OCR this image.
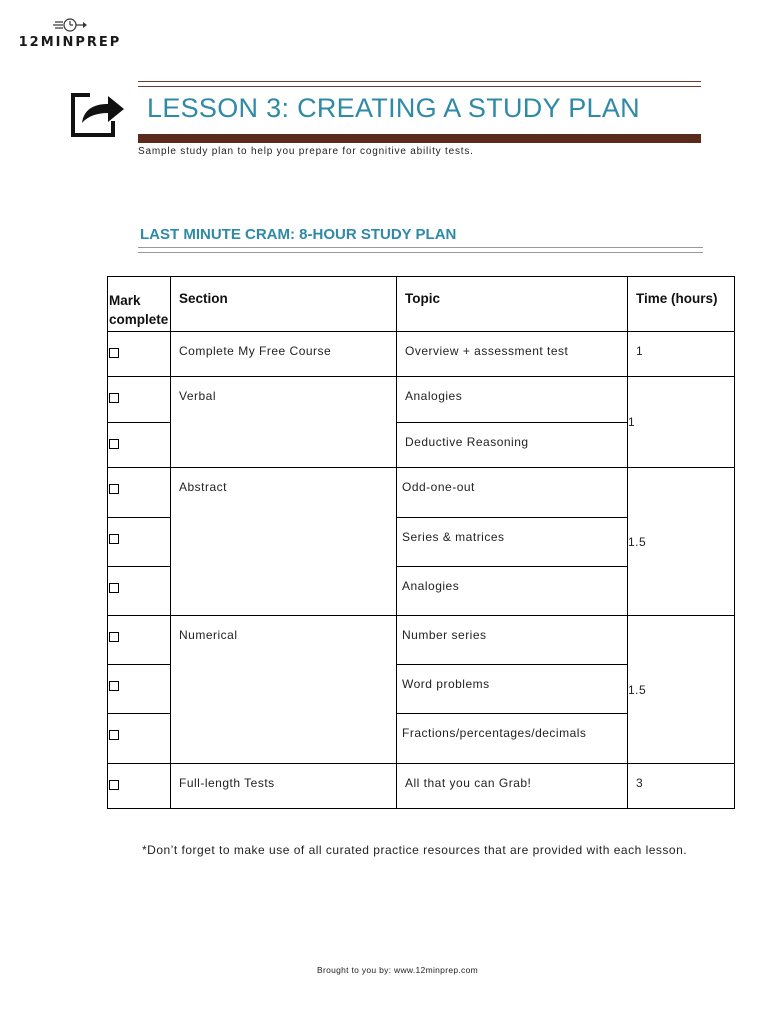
12MINPREP
LESSON 3: CREATING A STUDY PLAN
Sample study plan to help you prepare for cognitive ability tests.
LAST MINUTE CRAM: 8-HOUR STUDY PLAN
Mark complete	Section	Topic	Time (hours)

	Complete My Free Course	Overview + assessment test	1

	Verbal	Analogies	1

		Deductive Reasoning	

	Abstract	Odd-one-out	1.5

		Series & matrices	

		Analogies	

	Numerical	Number series	1.5

		Word problems	

		Fractions/percentages/decimals	

	Full-length Tests	All that you can Grab!	3
*Don’t forget to make use of all curated practice resources that are provided with each lesson.
Brought to you by: www.12minprep.com
